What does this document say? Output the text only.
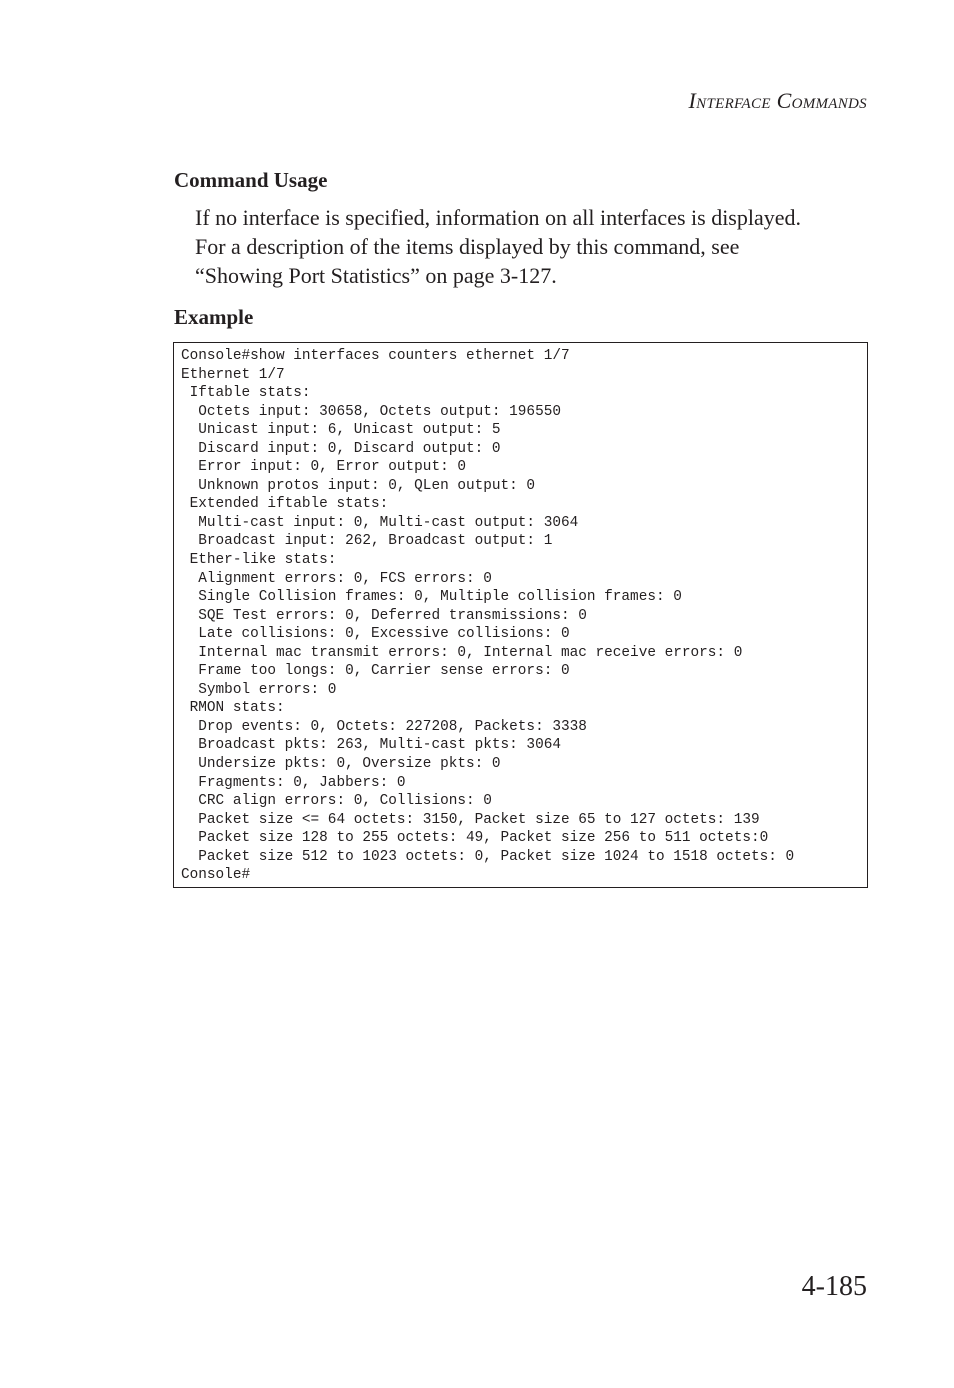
Interface Commands
Command Usage
If no interface is specified, information on all interfaces is displayed.
For a description of the items displayed by this command, see
“Showing Port Statistics” on page 3-127.
Example
Console#show interfaces counters ethernet 1/7
Ethernet 1/7
Iftable stats:
Octets input: 30658, Octets output: 196550
Unicast input: 6, Unicast output: 5
Discard input: 0, Discard output: 0
Error input: 0, Error output: 0
Unknown protos input: 0, QLen output: 0
Extended iftable stats:
Multi-cast input: 0, Multi-cast output: 3064
Broadcast input: 262, Broadcast output: 1
Ether-like stats:
Alignment errors: 0, FCS errors: 0
Single Collision frames: 0, Multiple collision frames: 0
SQE Test errors: 0, Deferred transmissions: 0
Late collisions: 0, Excessive collisions: 0
Internal mac transmit errors: 0, Internal mac receive errors: 0
Frame too longs: 0, Carrier sense errors: 0
Symbol errors: 0
RMON stats:
Drop events: 0, Octets: 227208, Packets: 3338
Broadcast pkts: 263, Multi-cast pkts: 3064
Undersize pkts: 0, Oversize pkts: 0
Fragments: 0, Jabbers: 0
CRC align errors: 0, Collisions: 0
Packet size <= 64 octets: 3150, Packet size 65 to 127 octets: 139
Packet size 128 to 255 octets: 49, Packet size 256 to 511 octets:0
Packet size 512 to 1023 octets: 0, Packet size 1024 to 1518 octets: 0
Console#
4-185
